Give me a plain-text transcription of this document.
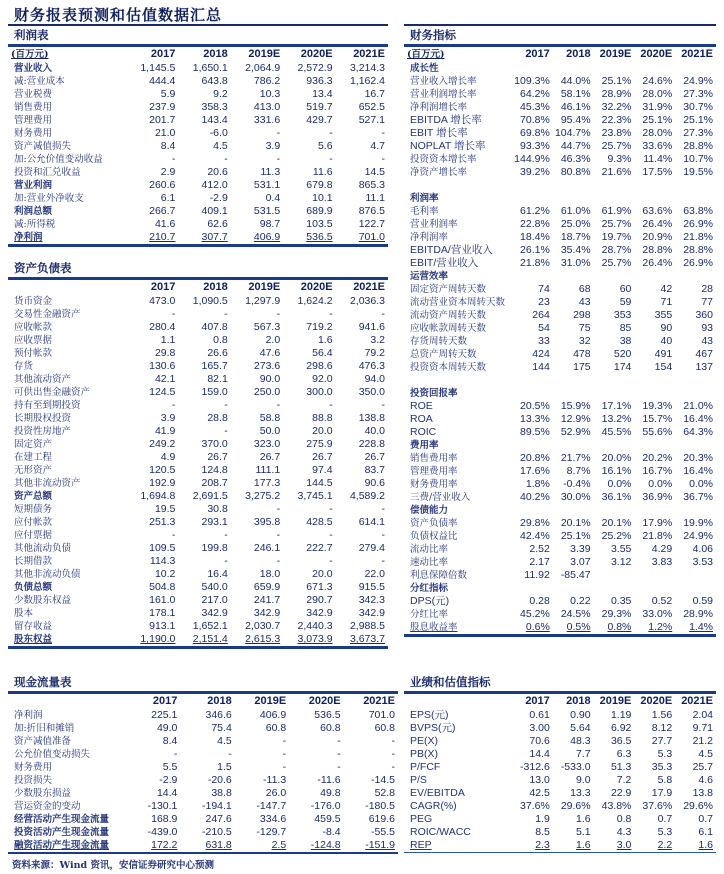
财务报表预测和估值数据汇总
利润表
(百万元)	2017	2018	2019E	2020E	2021E
营业收入	1,145.5	1,650.1	2,064.9	2,572.9	3,214.3
减:营业成本	444.4	643.8	786.2	936.3	1,162.4
营业税费	5.9	9.2	10.3	13.4	16.7
销售费用	237.9	358.3	413.0	519.7	652.5
管理费用	201.7	143.4	331.6	429.7	527.1
财务费用	21.0	-6.0	-	-	-
资产减值损失	8.4	4.5	3.9	5.6	4.7
加:公允价值变动收益	-	-	-	-	-
投资和汇兑收益	2.9	20.6	11.3	11.6	14.5
营业利润	260.6	412.0	531.1	679.8	865.3
加:营业外净收支	6.1	-2.9	0.4	10.1	11.1
利润总额	266.7	409.1	531.5	689.9	876.5
减:所得税	41.6	62.6	98.7	103.5	122.7
净利润	210.7	307.7	406.9	536.5	701.0
资产负债表
	2017	2018	2019E	2020E	2021E
货币资金	473.0	1,090.5	1,297.9	1,624.2	2,036.3
交易性金融资产	-	-	-	-	-
应收帐款	280.4	407.8	567.3	719.2	941.6
应收票据	1.1	0.8	2.0	1.6	3.2
预付帐款	29.8	26.6	47.6	56.4	79.2
存货	130.6	165.7	273.6	298.6	476.3
其他流动资产	42.1	82.1	90.0	92.0	94.0
可供出售金融资产	124.5	159.0	250.0	300.0	350.0
持有至到期投资	-	-	-	-	-
长期股权投资	3.9	28.8	58.8	88.8	138.8
投资性房地产	41.9	-	50.0	20.0	40.0
固定资产	249.2	370.0	323.0	275.9	228.8
在建工程	4.9	26.7	26.7	26.7	26.7
无形资产	120.5	124.8	111.1	97.4	83.7
其他非流动资产	192.9	208.7	177.3	144.5	90.6
资产总额	1,694.8	2,691.5	3,275.2	3,745.1	4,589.2
短期债务	19.5	30.8	-	-	-
应付帐款	251.3	293.1	395.8	428.5	614.1
应付票据	-	-	-	-	-
其他流动负债	109.5	199.8	246.1	222.7	279.4
长期借款	114.3	-	-	-	-
其他非流动负债	10.2	16.4	18.0	20.0	22.0
负债总额	504.8	540.0	659.9	671.3	915.5
少数股东权益	161.0	217.0	241.7	290.7	342.3
股本	178.1	342.9	342.9	342.9	342.9
留存收益	913.1	1,652.1	2,030.7	2,440.3	2,988.5
股东权益	1,190.0	2,151.4	2,615.3	3,073.9	3,673.7
现金流量表
	2017	2018	2019E	2020E	2021E
净利润	225.1	346.6	406.9	536.5	701.0
加:折旧和摊销	49.0	75.4	60.8	60.8	60.8
资产减值准备	8.4	4.5	-	-	-
公允价值变动损失	-	-	-	-	-
财务费用	5.5	1.5	-	-	-
投资损失	-2.9	-20.6	-11.3	-11.6	-14.5
少数股东损益	14.4	38.8	26.0	49.8	52.8
营运资金的变动	-130.1	-194.1	-147.7	-176.0	-180.5
经营活动产生现金流量	168.9	247.6	334.6	459.5	619.6
投资活动产生现金流量	-439.0	-210.5	-129.7	-8.4	-55.5
融资活动产生现金流量	172.2	631.8	2.5	-124.8	-151.9
财务指标
(百万元)	2017	2018	2019E	2020E	2021E
成长性					
营业收入增长率	109.3%	44.0%	25.1%	24.6%	24.9%
营业利润增长率	64.2%	58.1%	28.9%	28.0%	27.3%
净利润增长率	45.3%	46.1%	32.2%	31.9%	30.7%
EBITDA 增长率	70.8%	95.4%	22.3%	25.1%	25.1%
EBIT 增长率	69.8%	104.7%	23.8%	28.0%	27.3%
NOPLAT 增长率	93.3%	44.7%	25.7%	33.6%	28.8%
投资资本增长率	144.9%	46.3%	9.3%	11.4%	10.7%
净资产增长率	39.2%	80.8%	21.6%	17.5%	19.5%

利润率					
毛利率	61.2%	61.0%	61.9%	63.6%	63.8%
营业利润率	22.8%	25.0%	25.7%	26.4%	26.9%
净利润率	18.4%	18.7%	19.7%	20.9%	21.8%
EBITDA/营业收入	26.1%	35.4%	28.7%	28.8%	28.8%
EBIT/营业收入	21.8%	31.0%	25.7%	26.4%	26.9%
运营效率					
固定资产周转天数	74	68	60	42	28
流动营业资本周转天数	23	43	59	71	77
流动资产周转天数	264	298	353	355	360
应收帐款周转天数	54	75	85	90	93
存货周转天数	33	32	38	40	43
总资产周转天数	424	478	520	491	467
投资资本周转天数	144	175	174	154	137

投资回报率					
ROE	20.5%	15.9%	17.1%	19.3%	21.0%
ROA	13.3%	12.9%	13.2%	15.7%	16.4%
ROIC	89.5%	52.9%	45.5%	55.6%	64.3%
费用率					
销售费用率	20.8%	21.7%	20.0%	20.2%	20.3%
管理费用率	17.6%	8.7%	16.1%	16.7%	16.4%
财务费用率	1.8%	-0.4%	0.0%	0.0%	0.0%
三费/营业收入	40.2%	30.0%	36.1%	36.9%	36.7%
偿债能力					
资产负债率	29.8%	20.1%	20.1%	17.9%	19.9%
负债权益比	42.4%	25.1%	25.2%	21.8%	24.9%
流动比率	2.52	3.39	3.55	4.29	4.06
速动比率	2.17	3.07	3.12	3.83	3.53
利息保障倍数	11.92	-85.47			
分红指标					
DPS(元)	0.28	0.22	0.35	0.52	0.59
分红比率	45.2%	24.5%	29.3%	33.0%	28.9%
股息收益率	0.6%	0.5%	0.8%	1.2%	1.4%
业绩和估值指标
	2017	2018	2019E	2020E	2021E
EPS(元)	0.61	0.90	1.19	1.56	2.04
BVPS(元)	3.00	5.64	6.92	8.12	9.71
PE(X)	70.6	48.3	36.5	27.7	21.2
PB(X)	14.4	7.7	6.3	5.3	4.5
P/FCF	-312.6	-533.0	51.3	35.3	25.7
P/S	13.0	9.0	7.2	5.8	4.6
EV/EBITDA	42.5	13.3	22.9	17.9	13.8
CAGR(%)	37.6%	29.6%	43.8%	37.6%	29.6%
PEG	1.9	1.6	0.8	0.7	0.7
ROIC/WACC	8.5	5.1	4.3	5.3	6.1
REP	2.3	1.6	3.0	2.2	1.6
资料来源：Wind 资讯，安信证券研究中心预测
